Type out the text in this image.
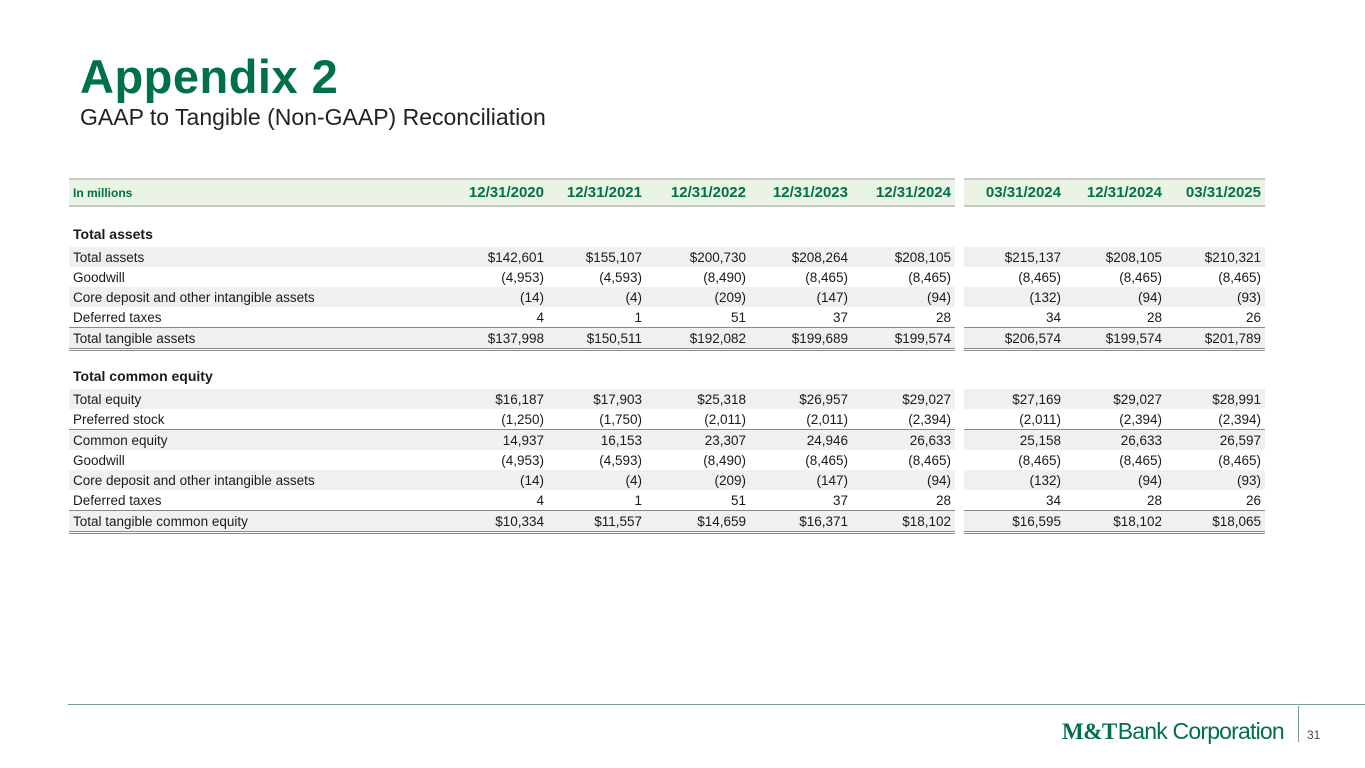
Appendix 2
GAAP to Tangible (Non-GAAP) Reconciliation
In millions	12/31/2020	12/31/2021	12/31/2022	12/31/2023	12/31/2024		03/31/2024	12/31/2024	03/31/2025

Total assets									
Total assets	$142,601	$155,107	$200,730	$208,264	$208,105		$215,137	$208,105	$210,321
Goodwill	(4,953)	(4,593)	(8,490)	(8,465)	(8,465)		(8,465)	(8,465)	(8,465)
Core deposit and other intangible assets	(14)	(4)	(209)	(147)	(94)		(132)	(94)	(93)
Deferred taxes	4	1	51	37	28		34	28	26
Total tangible assets	$137,998	$150,511	$192,082	$199,689	$199,574		$206,574	$199,574	$201,789

Total common equity									
Total equity	$16,187	$17,903	$25,318	$26,957	$29,027		$27,169	$29,027	$28,991
Preferred stock	(1,250)	(1,750)	(2,011)	(2,011)	(2,394)		(2,011)	(2,394)	(2,394)
Common equity	14,937	16,153	23,307	24,946	26,633		25,158	26,633	26,597
Goodwill	(4,953)	(4,593)	(8,490)	(8,465)	(8,465)		(8,465)	(8,465)	(8,465)
Core deposit and other intangible assets	(14)	(4)	(209)	(147)	(94)		(132)	(94)	(93)
Deferred taxes	4	1	51	37	28		34	28	26
Total tangible common equity	$10,334	$11,557	$14,659	$16,371	$18,102		$16,595	$18,102	$18,065
M&T Bank Corporation 31
